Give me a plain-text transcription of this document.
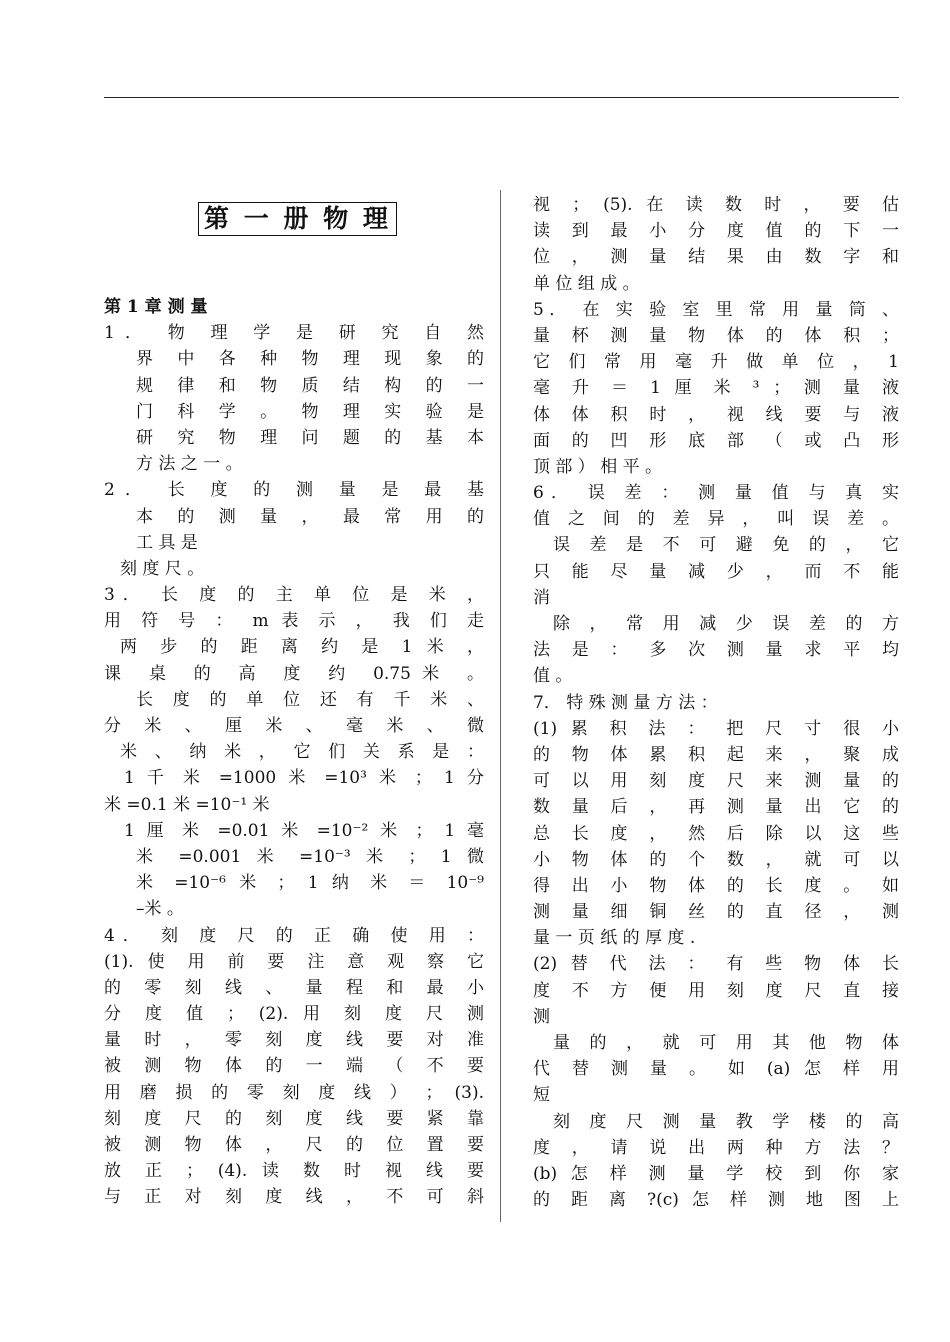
第 一 册 物 理
第 1 章 测 量
1． 物 理 学 是 研 究 自 然
界 中 各 种 物 理 现 象 的
规 律 和 物 质 结 构 的 一
门 科 学 。 物 理 实 验 是
研 究 物 理 问 题 的 基 本
方 法 之 一 。
2． 长 度 的 测 量 是 最 基
本 的 测 量 ， 最 常 用 的
工 具 是
刻 度 尺 。
3． 长 度 的 主 单 位 是 米 ，
用 符 号 ： m 表 示 ， 我 们 走
两 步 的 距 离 约 是 1 米 ，
课 桌 的 高 度 约 0.75米 。
长 度 的 单 位 还 有 千 米 、
分 米 、 厘 米 、 毫 米 、 微
米 、 纳 米 ， 它 们 关 系 是 ：
1 千 米 =1000 米 =10³ 米 ； 1 分
米 =0.1 米 =10⁻¹ 米
1 厘 米 =0.01 米 =10⁻² 米 ； 1 毫
米 =0.001 米 =10⁻³ 米 ； 1 微
米 =10⁻⁶ 米 ； 1 纳 米 ＝ 10⁻⁹
–米 。
4． 刻 度 尺 的 正 确 使 用 ：
(1). 使 用 前 要 注 意 观 察 它
的 零 刻 线 、 量 程 和 最 小
分 度 值 ； (2). 用 刻 度 尺 测
量 时 ， 零 刻 度 线 要 对 准
被 测 物 体 的 一 端 （ 不 要
用 磨 损 的 零 刻 度 线 ） ； (3).
刻 度 尺 的 刻 度 线 要 紧 靠
被 测 物 体 ， 尺 的 位 置 要
放 正 ； (4). 读 数 时 视 线 要
与 正 对 刻 度 线 ， 不 可 斜
视 ； (5). 在 读 数 时 ， 要 估
读 到 最 小 分 度 值 的 下 一
位 ， 测 量 结 果 由 数 字 和
单 位 组 成 。
5． 在 实 验 室 里 常 用 量 筒 、
量 杯 测 量 物 体 的 体 积 ；
它 们 常 用 毫 升 做 单 位 ， 1
毫 升 ＝ 1 厘 米 ³ ； 测 量 液
体 体 积 时 ， 视 线 要 与 液
面 的 凹 形 底 部 （ 或 凸 形
顶 部 ） 相 平 。
6． 误 差 ： 测 量 值 与 真 实
值 之 间 的 差 异 ， 叫 误 差 。
误 差 是 不 可 避 免 的 ， 它
只 能 尽 量 减 少 ， 而 不 能
消
除 ， 常 用 减 少 误 差 的 方
法 是 ： 多 次 测 量 求 平 均
值 。
7． 特 殊 测 量 方 法 ：
(1) 累 积 法 ： 把 尺 寸 很 小
的 物 体 累 积 起 来 ， 聚 成
可 以 用 刻 度 尺 来 测 量 的
数 量 后 ， 再 测 量 出 它 的
总 长 度 ， 然 后 除 以 这 些
小 物 体 的 个 数 ， 就 可 以
得 出 小 物 体 的 长 度 。 如
测 量 细 铜 丝 的 直 径 ， 测
量 一 页 纸 的 厚 度 .
(2) 替 代 法 ： 有 些 物 体 长
度 不 方 便 用 刻 度 尺 直 接
测
量 的 ， 就 可 用 其 他 物 体
代 替 测 量 。 如 (a) 怎 样 用
短
刻 度 尺 测 量 教 学 楼 的 高
度 ， 请 说 出 两 种 方 法 ？
(b) 怎 样 测 量 学 校 到 你 家
的 距 离 ?(c) 怎 样 测 地 图 上
